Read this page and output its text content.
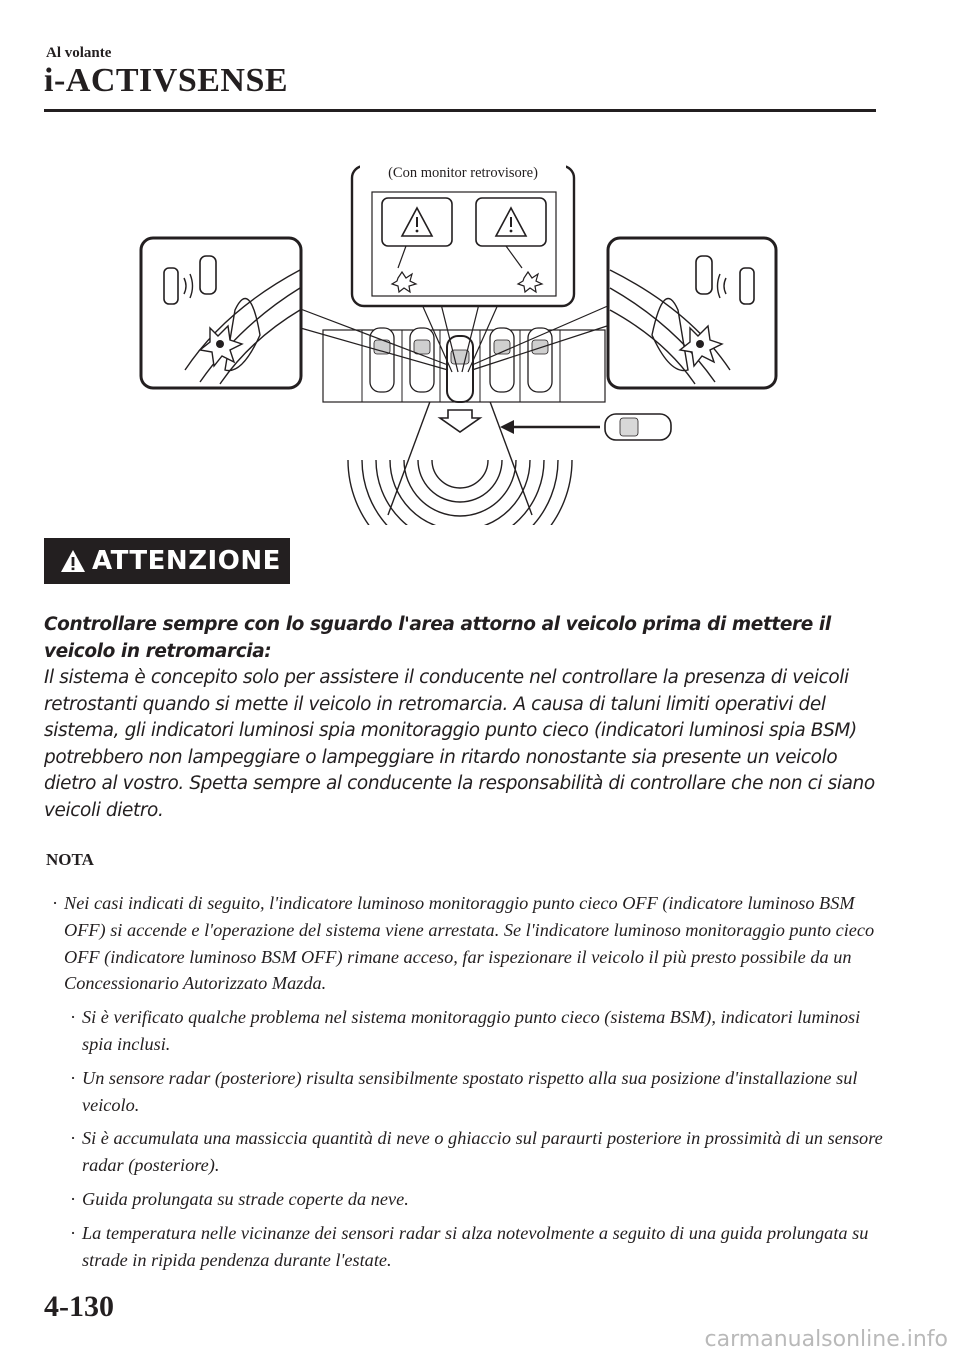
Al volante
i-ACTIVSENSE
(Con monitor retrovisore)
ATTENZIONE
Controllare sempre con lo sguardo l'area attorno al veicolo prima di mettere il veicolo in retromarcia:
Il sistema è concepito solo per assistere il conducente nel controllare la presenza di veicoli retrostanti quando si mette il veicolo in retromarcia. A causa di taluni limiti operativi del sistema, gli indicatori luminosi spia monitoraggio punto cieco (indicatori luminosi spia BSM) potrebbero non lampeggiare o lampeggiare in ritardo nonostante sia presente un veicolo dietro al vostro. Spetta sempre al conducente la responsabilità di controllare che non ci siano veicoli dietro.
NOTA
· Nei casi indicati di seguito, l'indicatore luminoso monitoraggio punto cieco OFF (indicatore luminoso BSM OFF) si accende e l'operazione del sistema viene arrestata. Se l'indicatore luminoso monitoraggio punto cieco OFF (indicatore luminoso BSM OFF) rimane acceso, far ispezionare il veicolo il più presto possibile da un Concessionario Autorizzato Mazda.
· Si è verificato qualche problema nel sistema monitoraggio punto cieco (sistema BSM), indicatori luminosi spia inclusi.
· Un sensore radar (posteriore) risulta sensibilmente spostato rispetto alla sua posizione d'installazione sul veicolo.
· Si è accumulata una massiccia quantità di neve o ghiaccio sul paraurti posteriore in prossimità di un sensore radar (posteriore).
· Guida prolungata su strade coperte da neve.
· La temperatura nelle vicinanze dei sensori radar si alza notevolmente a seguito di una guida prolungata su strade in ripida pendenza durante l'estate.
4-130
carmanualsonline.info
